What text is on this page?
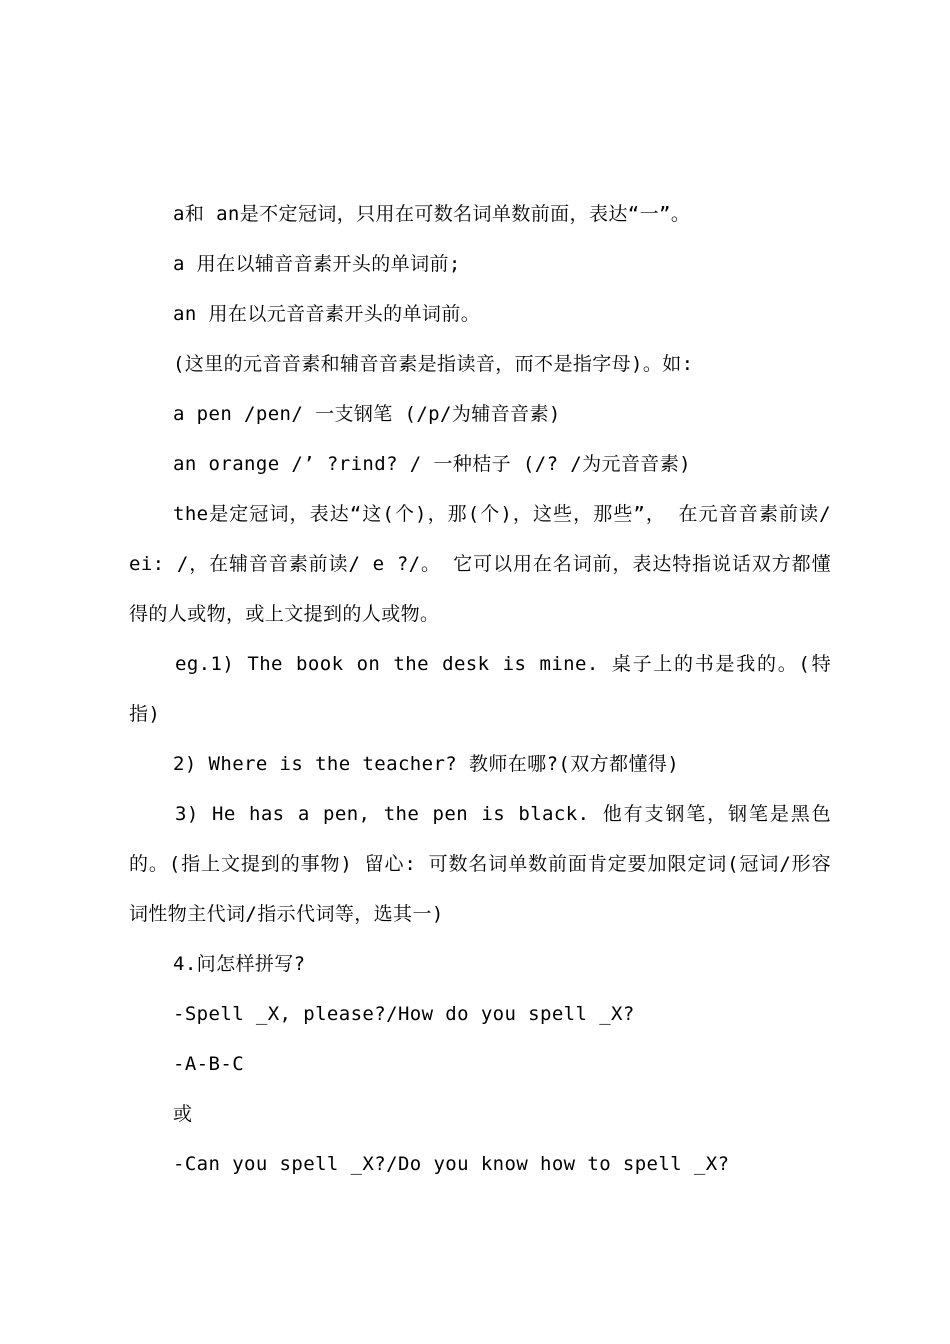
a和 an是不定冠词，只用在可数名词单数前面，表达“一”。

a 用在以辅音音素开头的单词前;

an 用在以元音音素开头的单词前。

(这里的元音音素和辅音音素是指读音，而不是指字母)。如:

a pen /pen/ 一支钢笔 (/p/为辅音音素)

an orange /’ ?rind? / 一种桔子 (/? /为元音音素)

the是定冠词，表达“这(个)，那(个)，这些，那些”， 在元音音素前读/ ei: /，在辅音音素前读/ e ?/。 它可以用在名词前，表达特指说话双方都懂得的人或物，或上文提到的人或物。

eg.1) The book on the desk is mine. 桌子上的书是我的。(特指)

2) Where is the teacher? 教师在哪?(双方都懂得)

3) He has a pen, the pen is black. 他有支钢笔，钢笔是黑色的。(指上文提到的事物) 留心: 可数名词单数前面肯定要加限定词(冠词/形容词性物主代词/指示代词等，选其一)

4.问怎样拼写?

-Spell _X, please?/How do you spell _X?

-A-B-C

或

-Can you spell _X?/Do you know how to spell _X?
